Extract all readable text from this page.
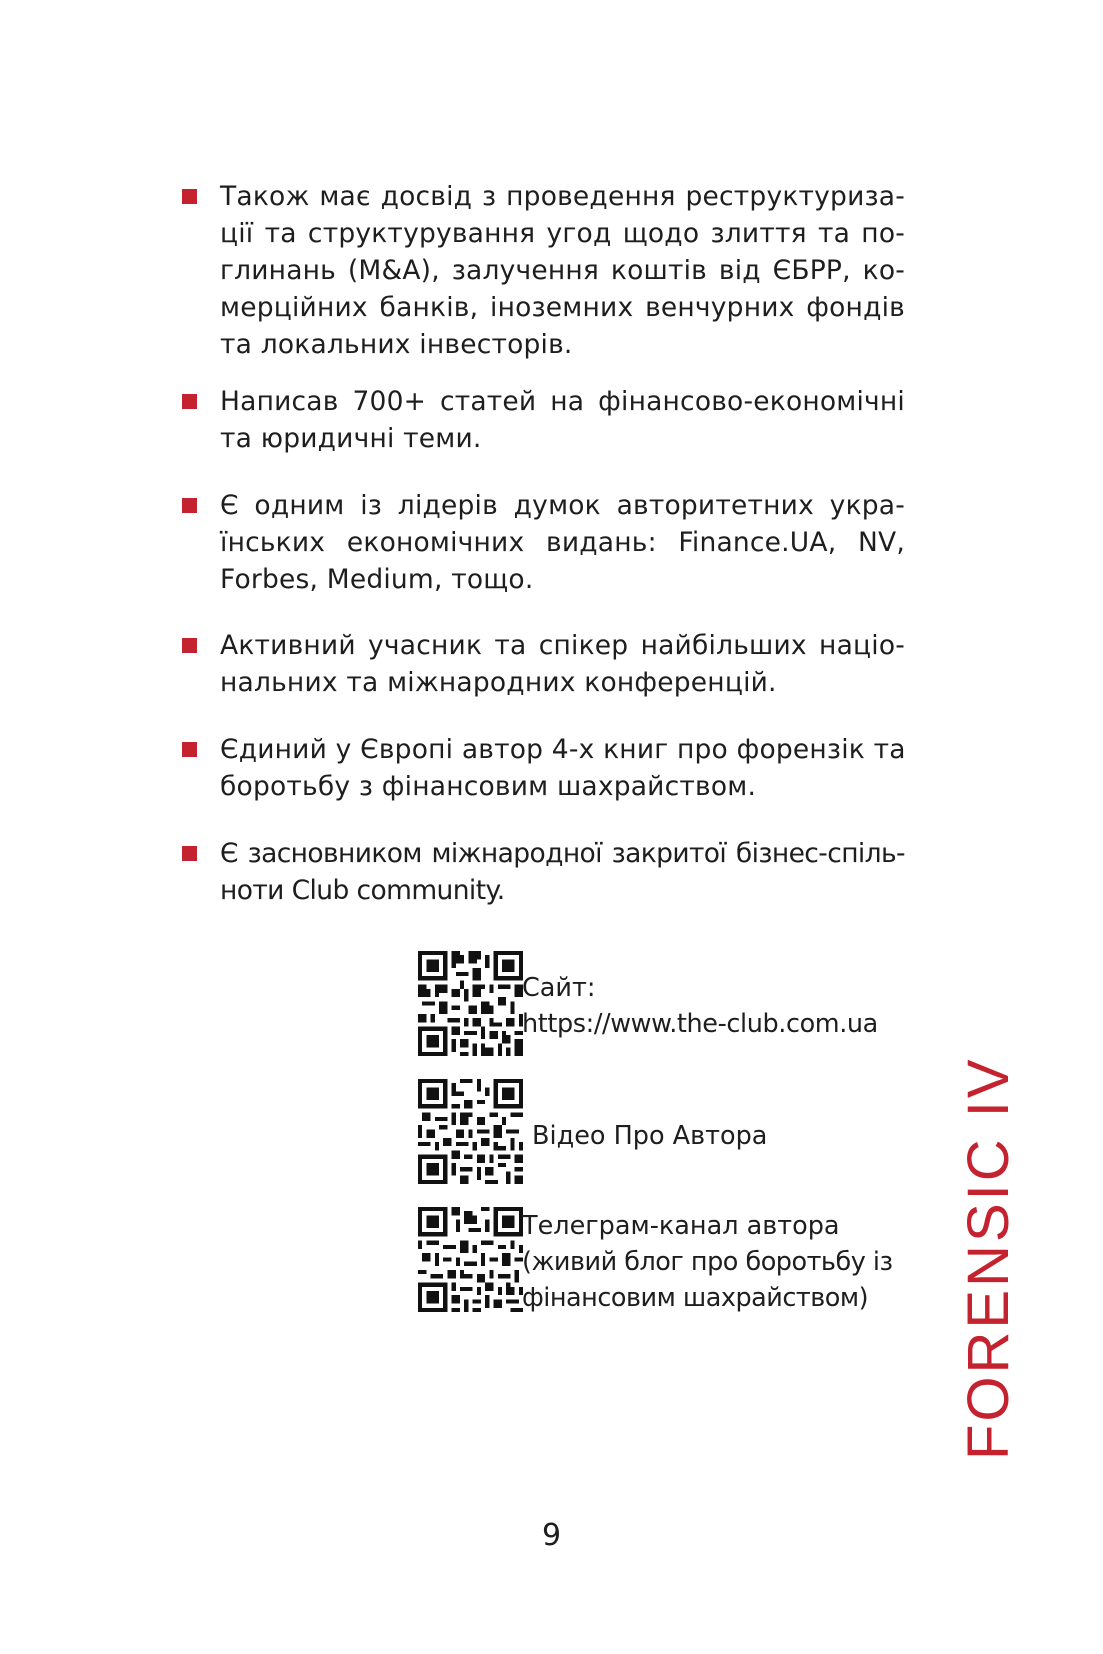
Також має досвід з проведення реструктуриза-
ції та структурування угод щодо злиття та по-
глинань (M&A), залучення коштів від ЄБРР, ко-
мерційних банків, іноземних венчурних фондів
та локальних інвесторів.

Написав 700+ статей на фінансово-економічні
та юридичні теми.

Є одним із лідерів думок авторитетних укра-
їнських економічних видань: Finance.UA, NV,
Forbes, Medium, тощо.

Активний учасник та спікер найбільших націо-
нальних та міжнародних конференцій.

Єдиний у Європі автор 4-х книг про форензік та
боротьбу з фінансовим шахрайством.

Є засновником міжнародної закритої бізнес-спіль-
ноти Club community.

Сайт:
https://www.the-club.com.ua
Відео Про Автора
Телеграм-канал автора
(живий блог про боротьбу із
фінансовим шахрайством) FORENSIC IV
9
